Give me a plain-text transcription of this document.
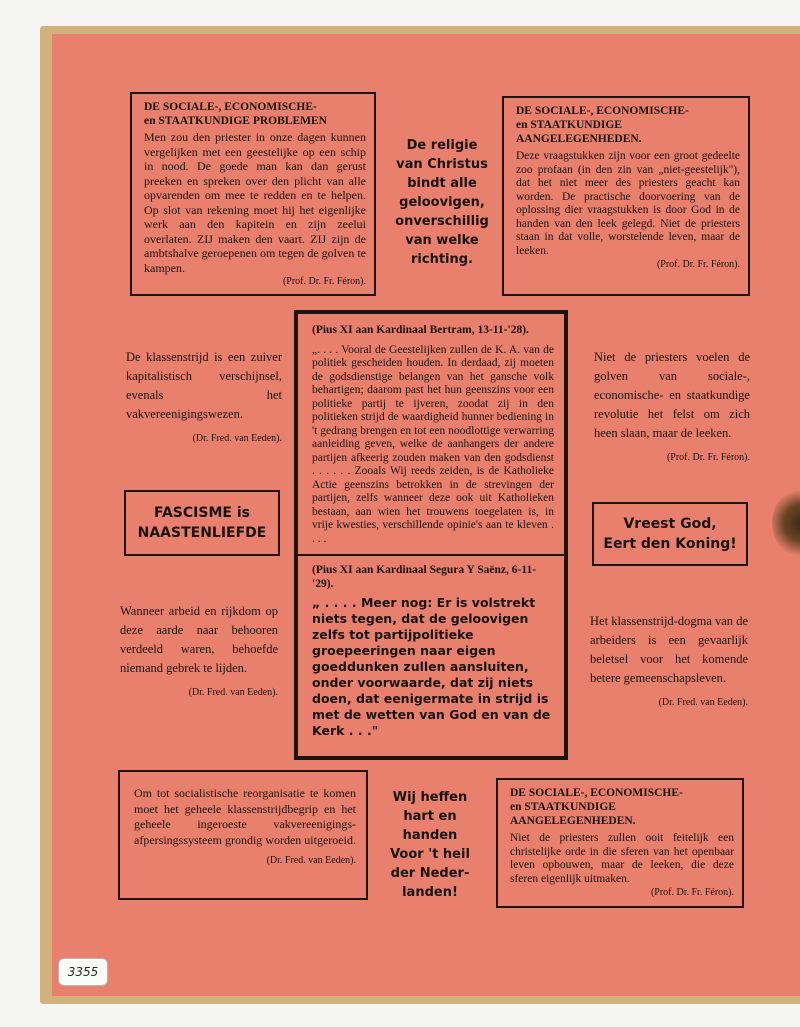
DE SOCIALE-, ECONOMISCHE-

en STAATKUNDIGE PROBLEMEN

Men zou den priester in onze dagen kunnen vergelijken met een geestelijke op een schip in nood. De goede man kan dan gerust preeken en spreken over den plicht van alle opvarenden om mee te redden en te helpen. Op slot van rekening moet hij het eigenlijke werk aan den kapitein en zijn zeelui overlaten. ZIJ maken den vaart. ZIJ zijn de ambtshalve geroepenen om tegen de golven te kampen.

(Prof. Dr. Fr. Féron).

De religie
van Christus
bindt alle
geloovigen,
onverschillig
van welke
richting.

DE SOCIALE-, ECONOMISCHE-

en STAATKUNDIGE

AANGELEGENHEDEN.

Deze vraagstukken zijn voor een groot gedeelte zoo profaan (in den zin van „niet-geestelijk"), dat het niet meer des priesters geacht kan worden. De practische doorvoering van de oplossing dier vraagstukken is door God in de handen van den leek gelegd. Niet de priesters staan in dat volle, worstelende leven, maar de leeken.

(Prof. Dr. Fr. Féron).

(Pius XI aan Kardinaal Bertram, 13-11-'28).

„. . . . Vooral de Geestelijken zullen de K. A. van de politiek gescheiden houden. In derdaad, zij moeten de godsdienstige belangen van het gansche volk behartigen; daarom past het hun geenszins voor een politieke partij te ijveren, zoodat zij in den politieken strijd de waardigheid hunner bediening in 't gedrang brengen en tot een noodlottige verwarring aanleiding geven, welke de aanhangers der andere partijen afkeerig zouden maken van den godsdienst . . . . . . Zooals Wij reeds zeiden, is de Katholieke Actie geenszins betrokken in de strevingen der partijen, zelfs wanneer deze ook uit Katholieken bestaan, aan wien het trouwens toegelaten is, in vrije kwesties, verschillende opinie's aan te kleven . . . .

(Pius XI aan Kardinaal Segura Y Saënz, 6-11-'29).

„ . . . . Meer nog: Er is volstrekt niets tegen, dat de geloovigen zelfs tot partijpolitieke groepeeringen naar eigen goeddunken zullen aansluiten, onder voorwaarde, dat zij niets doen, dat eenigermate in strijd is met de wetten van God en van de Kerk . . ."

De klassenstrijd is een zuiver kapitalistisch verschijnsel, evenals het vakvereenigingswezen.
(Dr. Fred. van Eeden).
Niet de priesters voelen de golven van sociale-, economische- en staatkundige revolutie het felst om zich heen slaan, maar de leeken.
(Prof. Dr. Fr. Féron).
FASCISME is
NAASTENLIEFDE
Vreest God,
Eert den Koning!
Wanneer arbeid en rijkdom op deze aarde naar behooren verdeeld waren, behoefde niemand gebrek te lijden.
(Dr. Fred. van Eeden).
Het klassenstrijd-dogma van de arbeiders is een gevaarlijk beletsel voor het komende betere gemeenschapsleven.
(Dr. Fred. van Eeden).

Om tot socialistische reorganisatie te komen moet het geheele klassenstrijdbegrip en het geheele ingeroeste vakvereenigings-afpersingssysteem grondig worden uitgeroeid.

(Dr. Fred. van Eeden).

Wij heffen
hart en
handen
Voor 't heil
der Neder-
landen!

DE SOCIALE-, ECONOMISCHE-

en STAATKUNDIGE

AANGELEGENHEDEN.

Niet de priesters zullen ooit feitelijk een christelijke orde in die sferen van het openbaar leven opbouwen, maar de leeken, die deze sferen eigenlijk uitmaken.

(Prof. Dr. Fr. Féron).

3355
